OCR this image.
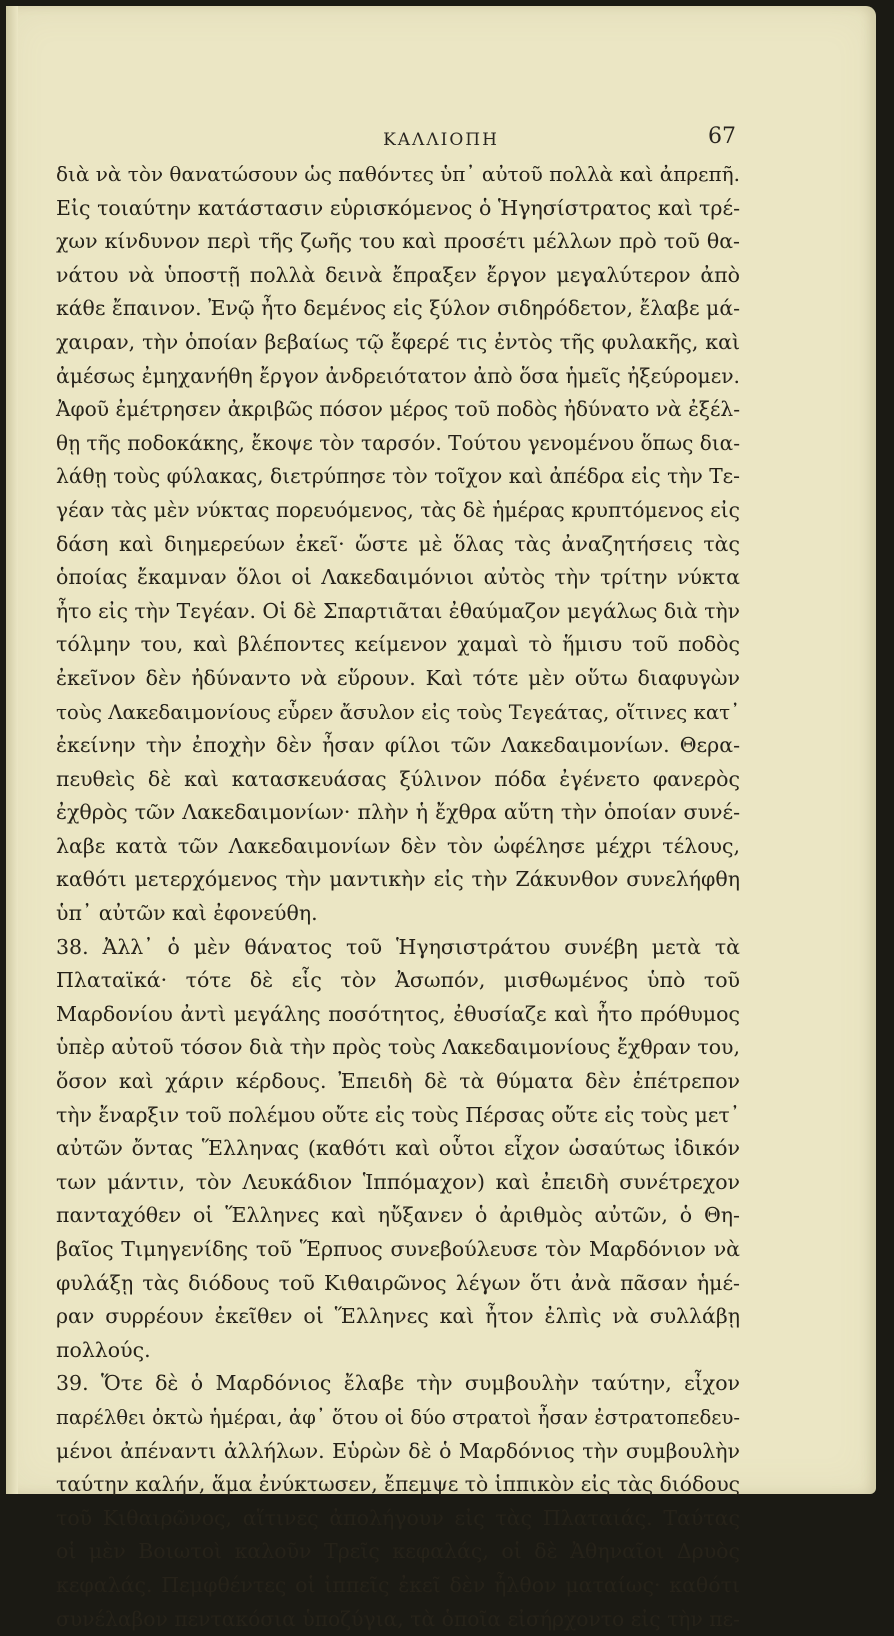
ΚΑΛΛΙΟΠΗ	67
διὰ νὰ τὸν θανατώσουν ὡς παθόντες ὑπ᾽ αὐτοῦ πολλὰ καὶ ἀπρεπῆ.
Εἰς τοιαύτην κατάστασιν εὑρισκόμενος ὁ Ἡγησίστρατος καὶ τρέ-
χων κίνδυνον περὶ τῆς ζωῆς του καὶ προσέτι μέλλων πρὸ τοῦ θα-
νάτου νὰ ὑποστῇ πολλὰ δεινὰ ἔπραξεν ἔργον μεγαλύτερον ἀπὸ
κάθε ἔπαινον. Ἐνῷ ἦτο δεμένος εἰς ξύλον σιδηρόδετον, ἔλαβε μά-
χαιραν, τὴν ὁποίαν βεβαίως τῷ ἔφερέ τις ἐντὸς τῆς φυλακῆς, καὶ
ἀμέσως ἐμηχανήθη ἔργον ἀνδρειότατον ἀπὸ ὅσα ἡμεῖς ἠξεύρομεν.
Ἀφοῦ ἐμέτρησεν ἀκριβῶς πόσον μέρος τοῦ ποδὸς ἠδύνατο νὰ ἐξέλ-
θῃ τῆς ποδοκάκης, ἔκοψε τὸν ταρσόν. Τούτου γενομένου ὅπως δια-
λάθῃ τοὺς φύλακας, διετρύπησε τὸν τοῖχον καὶ ἀπέδρα εἰς τὴν Τε-
γέαν τὰς μὲν νύκτας πορευόμενος, τὰς δὲ ἡμέρας κρυπτόμενος εἰς
δάση καὶ διημερεύων ἐκεῖ· ὥστε μὲ ὅλας τὰς ἀναζητήσεις τὰς
ὁποίας ἔκαμναν ὅλοι οἱ Λακεδαιμόνιοι αὐτὸς τὴν τρίτην νύκτα
ἦτο εἰς τὴν Τεγέαν. Οἱ δὲ Σπαρτιᾶται ἐθαύμαζον μεγάλως διὰ τὴν
τόλμην του, καὶ βλέποντες κείμενον χαμαὶ τὸ ἥμισυ τοῦ ποδὸς
ἐκεῖνον δὲν ἠδύναντο νὰ εὕρουν. Καὶ τότε μὲν οὕτω διαφυγὼν
τοὺς Λακεδαιμονίους εὗρεν ἄσυλον εἰς τοὺς Τεγεάτας, οἵτινες κατ᾽
ἐκείνην τὴν ἐποχὴν δὲν ἦσαν φίλοι τῶν Λακεδαιμονίων. Θερα-
πευθεὶς δὲ καὶ κατασκευάσας ξύλινον πόδα ἐγένετο φανερὸς
ἐχθρὸς τῶν Λακεδαιμονίων· πλὴν ἡ ἔχθρα αὕτη τὴν ὁποίαν συνέ-
λαβε κατὰ τῶν Λακεδαιμονίων δὲν τὸν ὠφέλησε μέχρι τέλους,
καθότι μετερχόμενος τὴν μαντικὴν εἰς τὴν Ζάκυνθον συνελήφθη
ὑπ᾽ αὐτῶν καὶ ἐφονεύθη.
38. Ἀλλ᾽ ὁ μὲν θάνατος τοῦ Ἡγησιστράτου συνέβη μετὰ τὰ
Πλαταϊκά· τότε δὲ εἷς τὸν Ἀσωπόν, μισθωμένος ὑπὸ τοῦ
Μαρδονίου ἀντὶ μεγάλης ποσότητος, ἐθυσίαζε καὶ ἦτο πρόθυμος
ὑπὲρ αὐτοῦ τόσον διὰ τὴν πρὸς τοὺς Λακεδαιμονίους ἔχθραν του,
ὅσον καὶ χάριν κέρδους. Ἐπειδὴ δὲ τὰ θύματα δὲν ἐπέτρεπον
τὴν ἔναρξιν τοῦ πολέμου οὔτε εἰς τοὺς Πέρσας οὔτε εἰς τοὺς μετ᾽
αὐτῶν ὄντας Ἕλληνας (καθότι καὶ οὗτοι εἶχον ὡσαύτως ἰδικόν
των μάντιν, τὸν Λευκάδιον Ἱππόμαχον) καὶ ἐπειδὴ συνέτρεχον
πανταχόθεν οἱ Ἕλληνες καὶ ηὔξανεν ὁ ἀριθμὸς αὐτῶν, ὁ Θη-
βαῖος Τιμηγενίδης τοῦ Ἕρπυος συνεβούλευσε τὸν Μαρδόνιον νὰ
φυλάξῃ τὰς διόδους τοῦ Κιθαιρῶνος λέγων ὅτι ἀνὰ πᾶσαν ἡμέ-
ραν συρρέουν ἐκεῖθεν οἱ Ἕλληνες καὶ ἦτον ἐλπὶς νὰ συλλάβῃ
πολλούς.
39. Ὅτε δὲ ὁ Μαρδόνιος ἔλαβε τὴν συμβουλὴν ταύτην, εἶχον
παρέλθει ὀκτὼ ἡμέραι, ἀφ᾽ ὅτου οἱ δύο στρατοὶ ἦσαν ἐστρατοπεδευ-
μένοι ἀπέναντι ἀλλήλων. Εὑρὼν δὲ ὁ Μαρδόνιος τὴν συμβουλὴν
ταύτην καλήν, ἅμα ἐνύκτωσεν, ἔπεμψε τὸ ἱππικὸν εἰς τὰς διόδους
τοῦ Κιθαιρῶνος, αἵτινες ἀπολήγουν εἰς τὰς Πλαταιάς. Ταύτας
οἱ μὲν Βοιωτοὶ καλοῦν Τρεῖς κεφαλάς, οἱ δὲ Ἀθηναῖοι Δρυὸς
κεφαλάς. Πεμφθέντες οἱ ἱππεῖς ἐκεῖ δὲν ἦλθον ματαίως· καθότι
συνέλαβον πεντακόσια ὑποζύγια, τὰ ὁποῖα εἰσήρχοντο εἰς τὴν πε-
